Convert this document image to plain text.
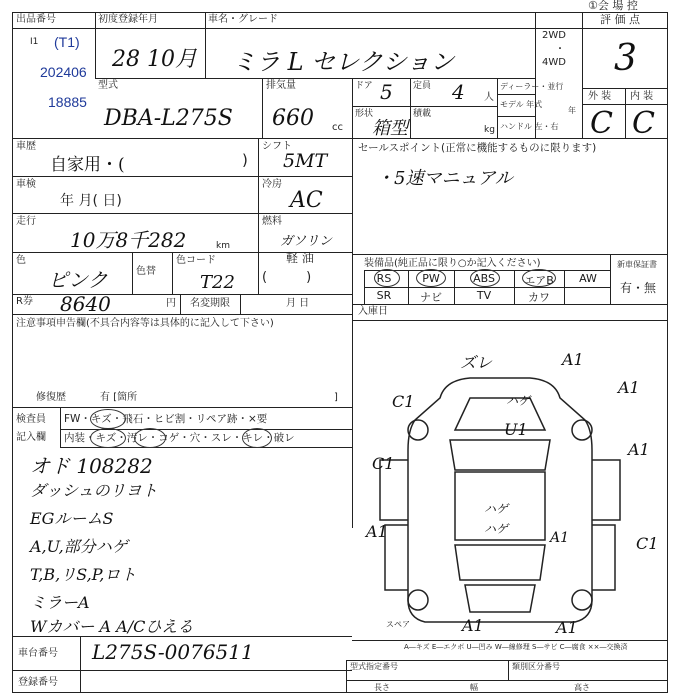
①会 場 控
出品番号
I1 (T1)
202406
18885
初度登録年月
28 10月
車名・グレード
ミラ L セレクション
2WD
・
4WD
評 価 点
3
型式
DBA-L275S
排気量
660 cc
ドア 5 定員 4 人
形状
箱型
積載
kg
ディーラー・並行
モデル 年式
年
ハンドル 左・右
外 装 内 装
C C
車歴
自家用・(	)
シフト
5MT
車検
年 月( 日)
冷房
AC
走行
10万8千282	km
燃料
ガソリン
軽 油
色
ピンク	色替
色コード
T22 (　　　)
R券 8640	円 名変期限	月 日
注意事項申告欄(不具合内容等は具体的に記入して下さい)
修復歴	有 [箇所	]
検査員
記入欄
FW・キズ・飛石・ヒビ割・リペア跡・×要
内装・キズ・汚レ・コゲ・穴・スレ・キレ・破レ
オド 108282
ダッシュのリヨト
EGルームS
A,U,部分ハゲ
T,B,リS,P,ロト
ミラーA
Wカバー A A/Cひえる
セールスポイント(正常に機能するものに限ります)
・5速マニュアル
装備品(純正品に限り○か記入ください)	新車保証書
有・無
RS	PW	ABS	エアB	AW
SR	ナビ	TV	カワ
入庫日
ズレ	A1
A1
C1	ハゲ
U1
C1
A1
A1
ハゲ
ハゲ
A1	C1
A1	A1
スペア
A―キズ E―エクボ U―凹み W―線修理 S―サビ C―腐食 ××―交換済
車台番号 L275S-0076511
登録番号
型式指定番号	類別区分番号
長さ	幅	高さ
